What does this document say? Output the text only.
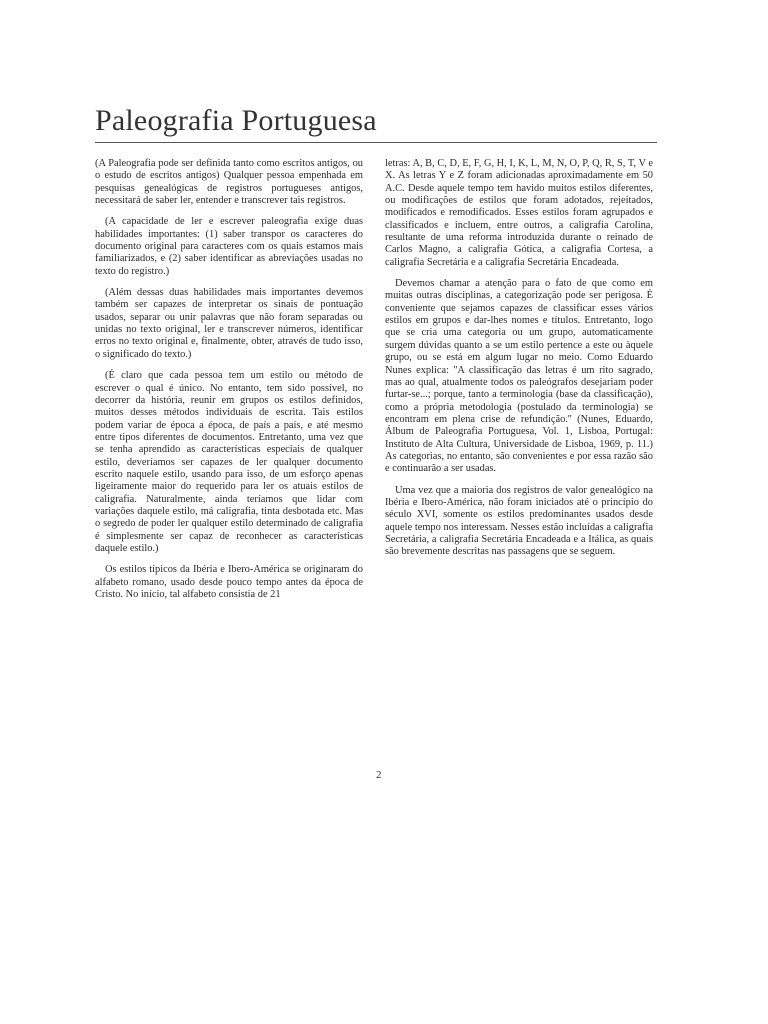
Paleografia Portuguesa

(A Paleografia pode ser definida tanto como escritos antigos, ou o estudo de escritos antigos) Qualquer pessoa empenhada em pesquisas genealógicas de registros portugueses antigos, necessitará de saber ler, entender e transcrever tais registros.

(A capacidade de ler e escrever paleografia exige duas habilidades importantes: (1) saber transpor os caracteres do documento original para caracteres com os quais estamos mais familiarizados, e (2) saber identificar as abreviações usadas no texto do registro.)

(Além dessas duas habilidades mais importantes devemos também ser capazes de interpretar os sinais de pontuação usados, separar ou unir palavras que não foram separadas ou unidas no texto original, ler e transcrever números, identificar erros no texto original e, finalmente, obter, através de tudo isso, o significado do texto.)

(É claro que cada pessoa tem um estilo ou método de escrever o qual é único. No entanto, tem sido possível, no decorrer da história, reunir em grupos os estilos definidos, muitos desses métodos individuais de escrita. Tais estilos podem variar de época a época, de país a país, e até mesmo entre tipos diferentes de documentos. Entretanto, uma vez que se tenha aprendido as características especiais de qualquer estilo, deveríamos ser capazes de ler qualquer documento escrito naquele estilo, usando para isso, de um esforço apenas ligeiramente maior do requerido para ler os atuais estilos de caligrafia. Naturalmente, ainda teríamos que lidar com variações daquele estilo, má caligrafia, tinta desbotada etc. Mas o segredo de poder ler qualquer estilo determinado de caligrafia é simplesmente ser capaz de reconhecer as características daquele estilo.)

Os estilos típicos da Ibéria e Ibero-América se originaram do alfabeto romano, usado desde pouco tempo antes da época de Cristo. No início, tal alfabeto consistia de 21

letras: A, B, C, D, E, F, G, H, I, K, L, M, N, O, P, Q, R, S, T, V e X. As letras Y e Z foram adicionadas aproximadamente em 50 A.C. Desde aquele tempo tem havido muitos estilos diferentes, ou modificações de estilos que foram adotados, rejeitados, modificados e remodificados. Esses estilos foram agrupados e classificados e incluem, entre outros, a caligrafia Carolina, resultante de uma reforma introduzida durante o reinado de Carlos Magno, a caligrafia Gótica, a caligrafia Cortesa, a caligrafia Secretária e a caligrafia Secretária Encadeada.

Devemos chamar a atenção para o fato de que como em muitas outras disciplinas, a categorização pode ser perigosa. É conveniente que sejamos capazes de classificar esses vários estilos em grupos e dar-lhes nomes e títulos. Entretanto, logo que se cria uma categoria ou um grupo, automaticamente surgem dúvidas quanto a se um estilo pertence a este ou àquele grupo, ou se está em algum lugar no meio. Como Eduardo Nunes explica: ''A classificação das letras é um rito sagrado, mas ao qual, atualmente todos os paleógrafos desejariam poder furtar-se...; porque, tanto a terminologia (base da classificação), como a própria metodologia (postulado da terminologia) se encontram em plena crise de refundição.'' (Nunes, Eduardo, Álbum de Paleografia Portuguesa, Vol. 1, Lisboa, Portugal: Instituto de Alta Cultura, Universidade de Lisboa, 1969, p. 11.) As categorias, no entanto, são convenientes e por essa razão são e continuarão a ser usadas.

Uma vez que a maioria dos registros de valor genealógico na Ibéria e Ibero-América, não foram iniciados até o princípio do século XVI, somente os estilos predominantes usados desde aquele tempo nos interessam. Nesses estão incluídas a caligrafia Secretária, a caligrafia Secretária Encadeada e a Itálica, as quais são brevemente descritas nas passagens que se seguem.

2
